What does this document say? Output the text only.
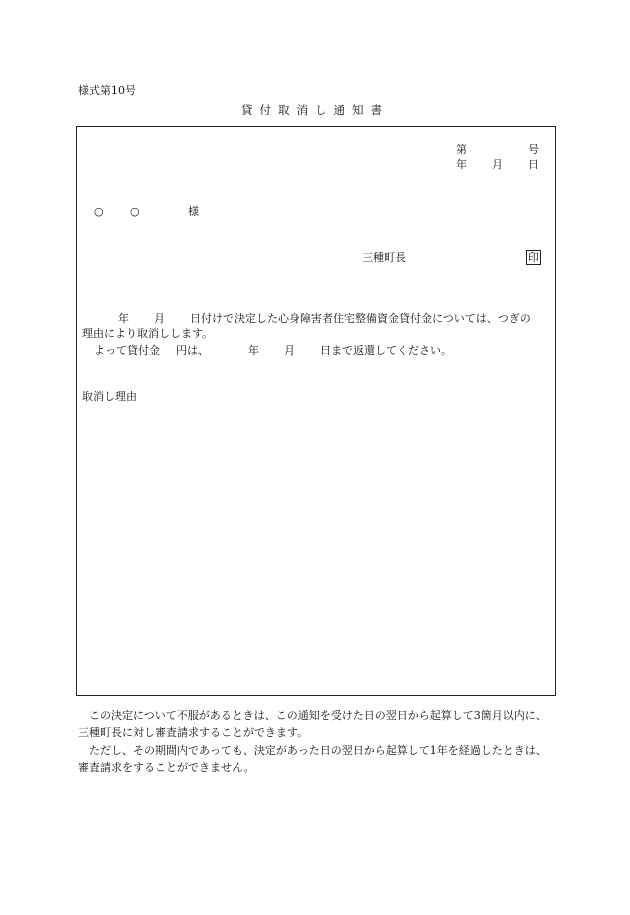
様式第10号
貸付取消し通知書
第	号
年 月 日
○ ○	様
三種町長	印
年 月 日付けで決定した心身障害者住宅整備資金貸付金については、つぎの
理由により取消しします。
よって貸付金 円は、	年 月 日まで返還してください。
取消し理由
この決定について不服があるときは、この通知を受けた日の翌日から起算して3箇月以内に、三種町長に対し審査請求することができます。
ただし、その期間内であっても、決定があった日の翌日から起算して1年を経過したときは、審査請求をすることができません。
